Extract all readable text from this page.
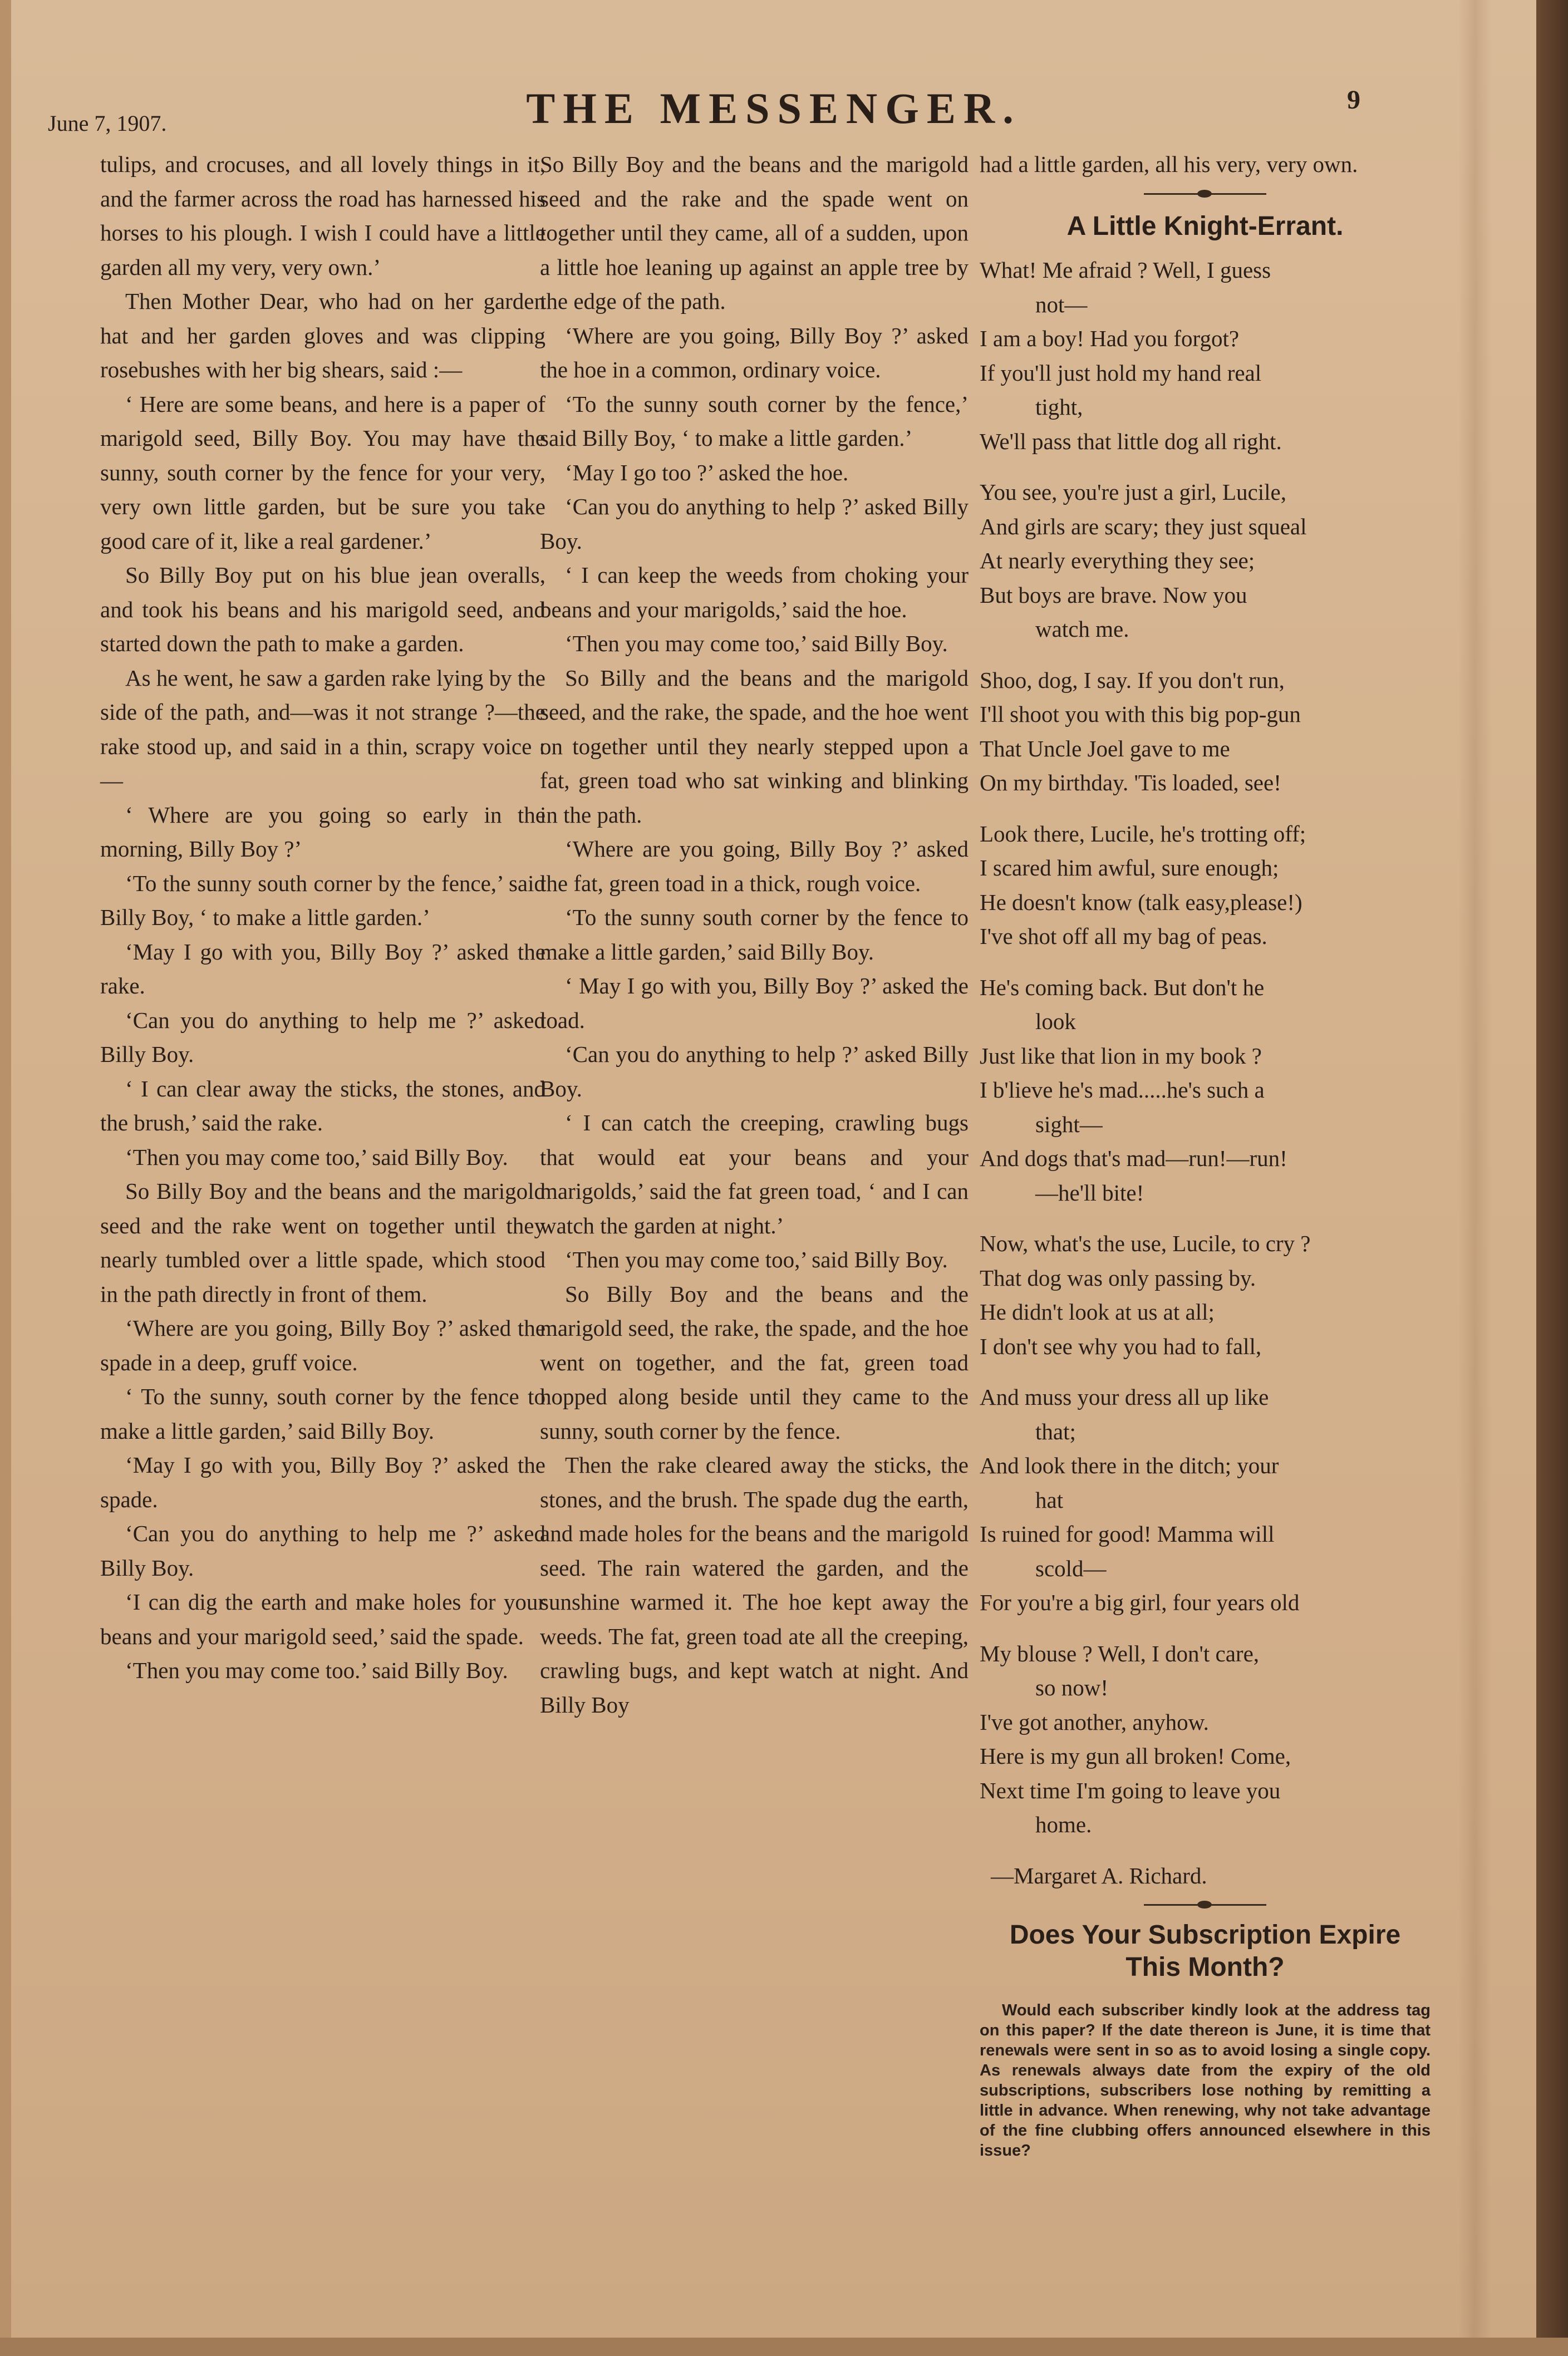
June 7, 1907.	THE MESSENGER.	9

tulips, and crocuses, and all lovely things in it, and the farmer across the road has harnessed his horses to his plough. I wish I could have a little garden all my very, very own.’

Then Mother Dear, who had on her garden hat and her garden gloves and was clipping rosebushes with her big shears, said :—

‘ Here are some beans, and here is a paper of marigold seed, Billy Boy. You may have the sunny, south corner by the fence for your very, very own little garden, but be sure you take good care of it, like a real gardener.’

So Billy Boy put on his blue jean overalls, and took his beans and his marigold seed, and started down the path to make a garden.

As he went, he saw a garden rake lying by the side of the path, and—was it not strange ?—the rake stood up, and said in a thin, scrapy voice :—

‘ Where are you going so early in the morning, Billy Boy ?’

‘To the sunny south corner by the fence,’ said Billy Boy, ‘ to make a little garden.’

‘May I go with you, Billy Boy ?’ asked the rake.

‘Can you do anything to help me ?’ asked Billy Boy.

‘ I can clear away the sticks, the stones, and the brush,’ said the rake.

‘Then you may come too,’ said Billy Boy.

So Billy Boy and the beans and the marigold seed and the rake went on together until they nearly tumbled over a little spade, which stood in the path directly in front of them.

‘Where are you going, Billy Boy ?’ asked the spade in a deep, gruff voice.

‘ To the sunny, south corner by the fence to make a little garden,’ said Billy Boy.

‘May I go with you, Billy Boy ?’ asked the spade.

‘Can you do anything to help me ?’ asked Billy Boy.

‘I can dig the earth and make holes for your beans and your marigold seed,’ said the spade.

‘Then you may come too.’ said Billy Boy.

So Billy Boy and the beans and the marigold seed and the rake and the spade went on together until they came, all of a sudden, upon a little hoe leaning up against an apple tree by the edge of the path.

‘Where are you going, Billy Boy ?’ asked the hoe in a common, ordinary voice.

‘To the sunny south corner by the fence,’ said Billy Boy, ‘ to make a little garden.’

‘May I go too ?’ asked the hoe.

‘Can you do anything to help ?’ asked Billy Boy.

‘ I can keep the weeds from choking your beans and your marigolds,’ said the hoe.

‘Then you may come too,’ said Billy Boy.

So Billy and the beans and the marigold seed, and the rake, the spade, and the hoe went on together until they nearly stepped upon a fat, green toad who sat winking and blinking in the path.

‘Where are you going, Billy Boy ?’ asked the fat, green toad in a thick, rough voice.

‘To the sunny south corner by the fence to make a little garden,’ said Billy Boy.

‘ May I go with you, Billy Boy ?’ asked the toad.

‘Can you do anything to help ?’ asked Billy Boy.

‘ I can catch the creeping, crawling bugs that would eat your beans and your marigolds,’ said the fat green toad, ‘ and I can watch the garden at night.’

‘Then you may come too,’ said Billy Boy.

So Billy Boy and the beans and the marigold seed, the rake, the spade, and the hoe went on together, and the fat, green toad hopped along beside until they came to the sunny, south corner by the fence.

Then the rake cleared away the sticks, the stones, and the brush. The spade dug the earth, and made holes for the beans and the marigold seed. The rain watered the garden, and the sunshine warmed it. The hoe kept away the weeds. The fat, green toad ate all the creeping, crawling bugs, and kept watch at night. And Billy Boy

had a little garden, all his very, very own.

A Little Knight-Errant.
What! Me afraid ? Well, I guess
not—
I am a boy! Had you forgot?
If you'll just hold my hand real
tight,
We'll pass that little dog all right.
You see, you're just a girl, Lucile,
And girls are scary; they just squeal
At nearly everything they see;
But boys are brave. Now you
watch me.
Shoo, dog, I say. If you don't run,
I'll shoot you with this big pop-gun
That Uncle Joel gave to me
On my birthday. 'Tis loaded, see!
Look there, Lucile, he's trotting off;
I scared him awful, sure enough;
He doesn't know (talk easy,please!)
I've shot off all my bag of peas.
He's coming back. But don't he
look
Just like that lion in my book ?
I b'lieve he's mad.....he's such a
sight—
And dogs that's mad—run!—run!
—he'll bite!
Now, what's the use, Lucile, to cry ?
That dog was only passing by.
He didn't look at us at all;
I don't see why you had to fall,
And muss your dress all up like
that;
And look there in the ditch; your
hat
Is ruined for good! Mamma will
scold—
For you're a big girl, four years old
My blouse ? Well, I don't care,
so now!
I've got another, anyhow.
Here is my gun all broken! Come,
Next time I'm going to leave you
home.
—Margaret A. Richard.
Does Your Subscription Expire This Month?

Would each subscriber kindly look at the address tag on this paper? If the date thereon is June, it is time that renewals were sent in so as to avoid losing a single copy. As renewals always date from the expiry of the old subscriptions, subscribers lose nothing by remitting a little in advance. When renewing, why not take advantage of the fine clubbing offers announced elsewhere in this issue?
